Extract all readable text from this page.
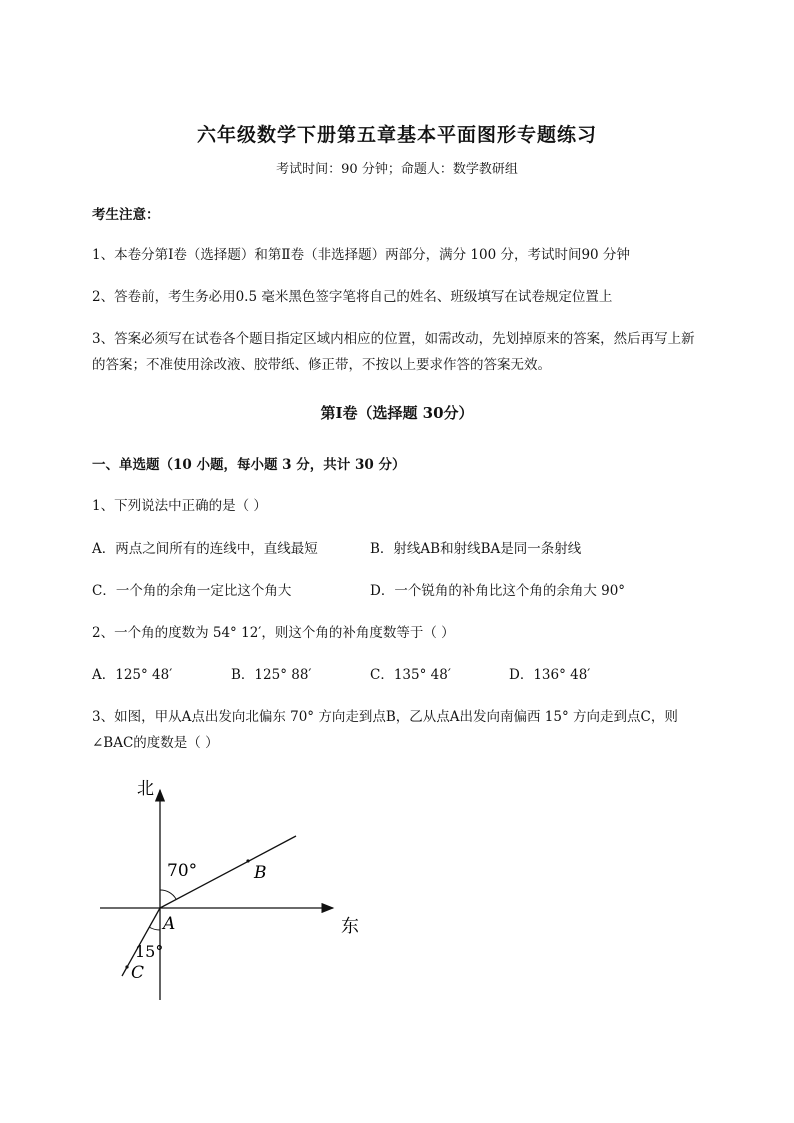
六年级数学下册第五章基本平面图形专题练习
考试时间：90 分钟；命题人：数学教研组
考生注意：
1、本卷分第Ⅰ卷（选择题）和第Ⅱ卷（非选择题）两部分，满分 100 分，考试时间90 分钟
2、答卷前，考生务必用0.5 毫米黑色签字笔将自己的姓名、班级填写在试卷规定位置上
3、答案必须写在试卷各个题目指定区域内相应的位置，如需改动，先划掉原来的答案，然后再写上新
的答案；不准使用涂改液、胶带纸、修正带，不按以上要求作答的答案无效。
第Ⅰ卷（选择题 30分）
一、单选题（10 小题，每小题 3 分，共计 30 分）
1、下列说法中正确的是（ ）
A．两点之间所有的连线中，直线最短	B．射线AB和射线BA是同一条射线
C．一个角的余角一定比这个角大	D．一个锐角的补角比这个角的余角大 90°
2、一个角的度数为 54° 12′，则这个角的补角度数等于（ ）
A．125° 48′	B．125° 88′	C．135° 48′	D．136° 48′
3、如图，甲从A点出发向北偏东 70° 方向走到点B，乙从点A出发向南偏西 15° 方向走到点C，则
∠BAC的度数是（ ）
北
东
70°	B
A
15°
C
